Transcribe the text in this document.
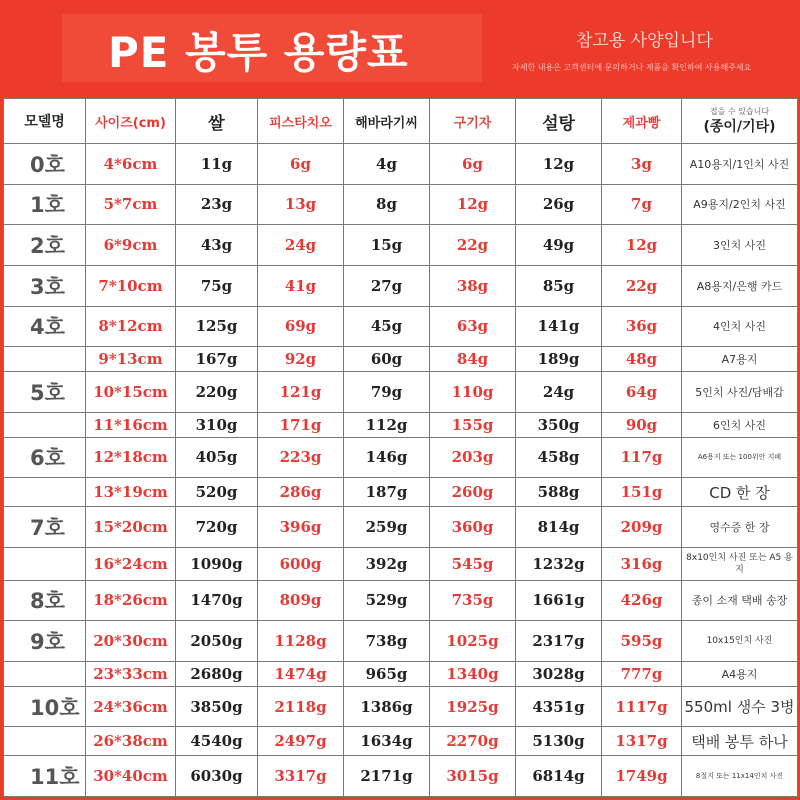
PE 봉투 용량표	참고용 사양입니다
자세한 내용은 고객센터에 문의하거나 제품을 확인하여 사용해주세요
모델명	사이즈(cm)	쌀	피스타치오	해바라기씨	구기자	설탕	제과빵	접을 수 있습니다
(종이/기타)
0호	4*6cm	11g	6g	4g	6g	12g	3g	A10용지/1인치 사진
1호	5*7cm	23g	13g	8g	12g	26g	7g	A9용지/2인치 사진
2호	6*9cm	43g	24g	15g	22g	49g	12g	3인치 사진
3호	7*10cm	75g	41g	27g	38g	85g	22g	A8용지/은행 카드
4호	8*12cm	125g	69g	45g	63g	141g	36g	4인치 사진
	9*13cm	167g	92g	60g	84g	189g	48g	A7용지
5호	10*15cm	220g	121g	79g	110g	24g	64g	5인치 사진/담배갑
	11*16cm	310g	171g	112g	155g	350g	90g	6인치 사진
6호	12*18cm	405g	223g	146g	203g	458g	117g	A6용지 또는 100위안 지폐
	13*19cm	520g	286g	187g	260g	588g	151g	CD 한 장
7호	15*20cm	720g	396g	259g	360g	814g	209g	영수증 한 장
	16*24cm	1090g	600g	392g	545g	1232g	316g	8x10인치 사진 또는 A5 용지
8호	18*26cm	1470g	809g	529g	735g	1661g	426g	종이 소재 택배 송장
9호	20*30cm	2050g	1128g	738g	1025g	2317g	595g	10x15인치 사진
	23*33cm	2680g	1474g	965g	1340g	3028g	777g	A4용지
10호	24*36cm	3850g	2118g	1386g	1925g	4351g	1117g	550ml 생수 3병
	26*38cm	4540g	2497g	1634g	2270g	5130g	1317g	택배 봉투 하나
11호	30*40cm	6030g	3317g	2171g	3015g	6814g	1749g	8절지 또는 11x14인치 사진
